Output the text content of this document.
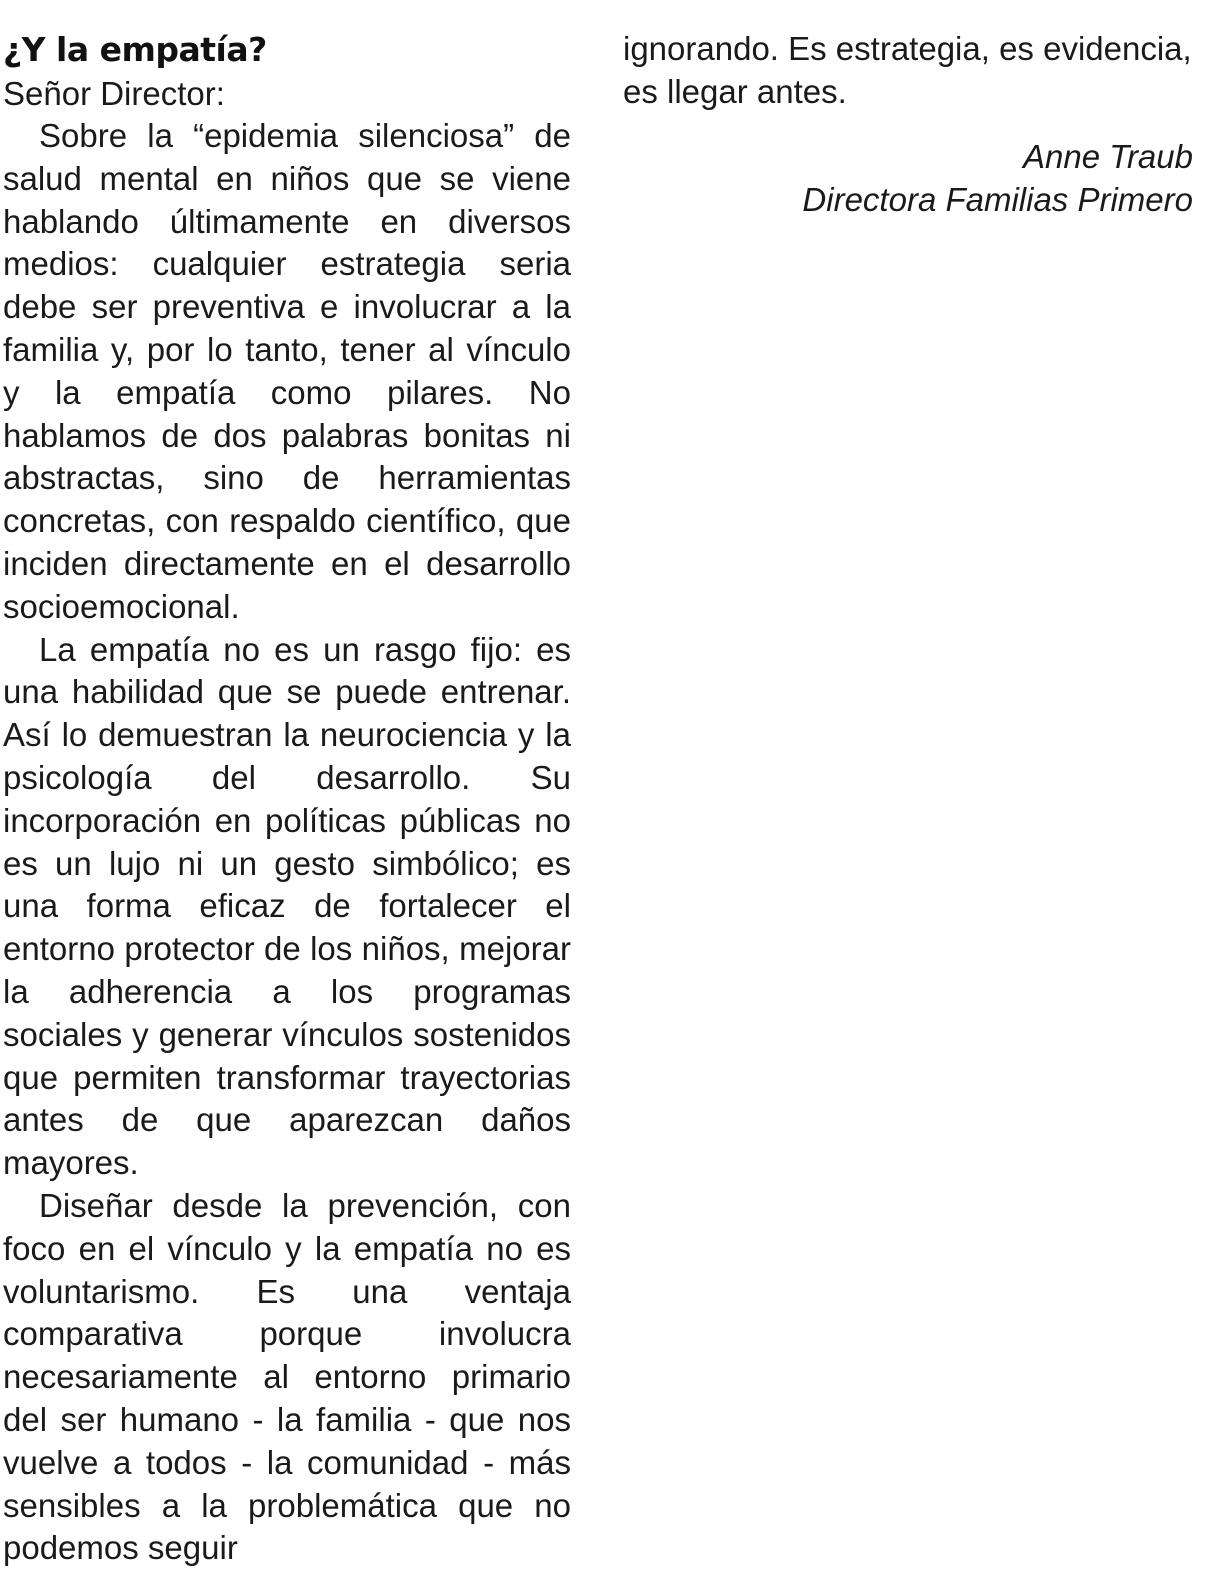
¿Y la empatía?

Señor Director:

Sobre la “epidemia silenciosa” de salud mental en niños que se viene hablando últimamente en diversos medios: cualquier estrategia seria debe ser preventiva e involucrar a la familia y, por lo tanto, tener al vínculo y la empatía como pilares. No hablamos de dos palabras bonitas ni abstractas, sino de herramientas concretas, con respaldo científico, que inciden directamente en el desarrollo socioemocional.

La empatía no es un rasgo fijo: es una habilidad que se puede entrenar. Así lo demuestran la neurociencia y la psicología del desarrollo. Su incorporación en políticas públicas no es un lujo ni un gesto simbólico; es una forma eficaz de fortalecer el entorno protector de los niños, mejorar la adherencia a los programas sociales y generar vínculos sostenidos que permiten transformar trayectorias antes de que aparezcan daños mayores.

Diseñar desde la prevención, con foco en el vínculo y la empatía no es voluntarismo. Es una ventaja comparativa porque involucra necesariamente al entorno primario del ser humano - la familia - que nos vuelve a todos - la comunidad - más sensibles a la problemática que no podemos seguir

ignorando. Es estrategia, es evidencia, es llegar antes.

Anne Traub
Directora Familias Primero
